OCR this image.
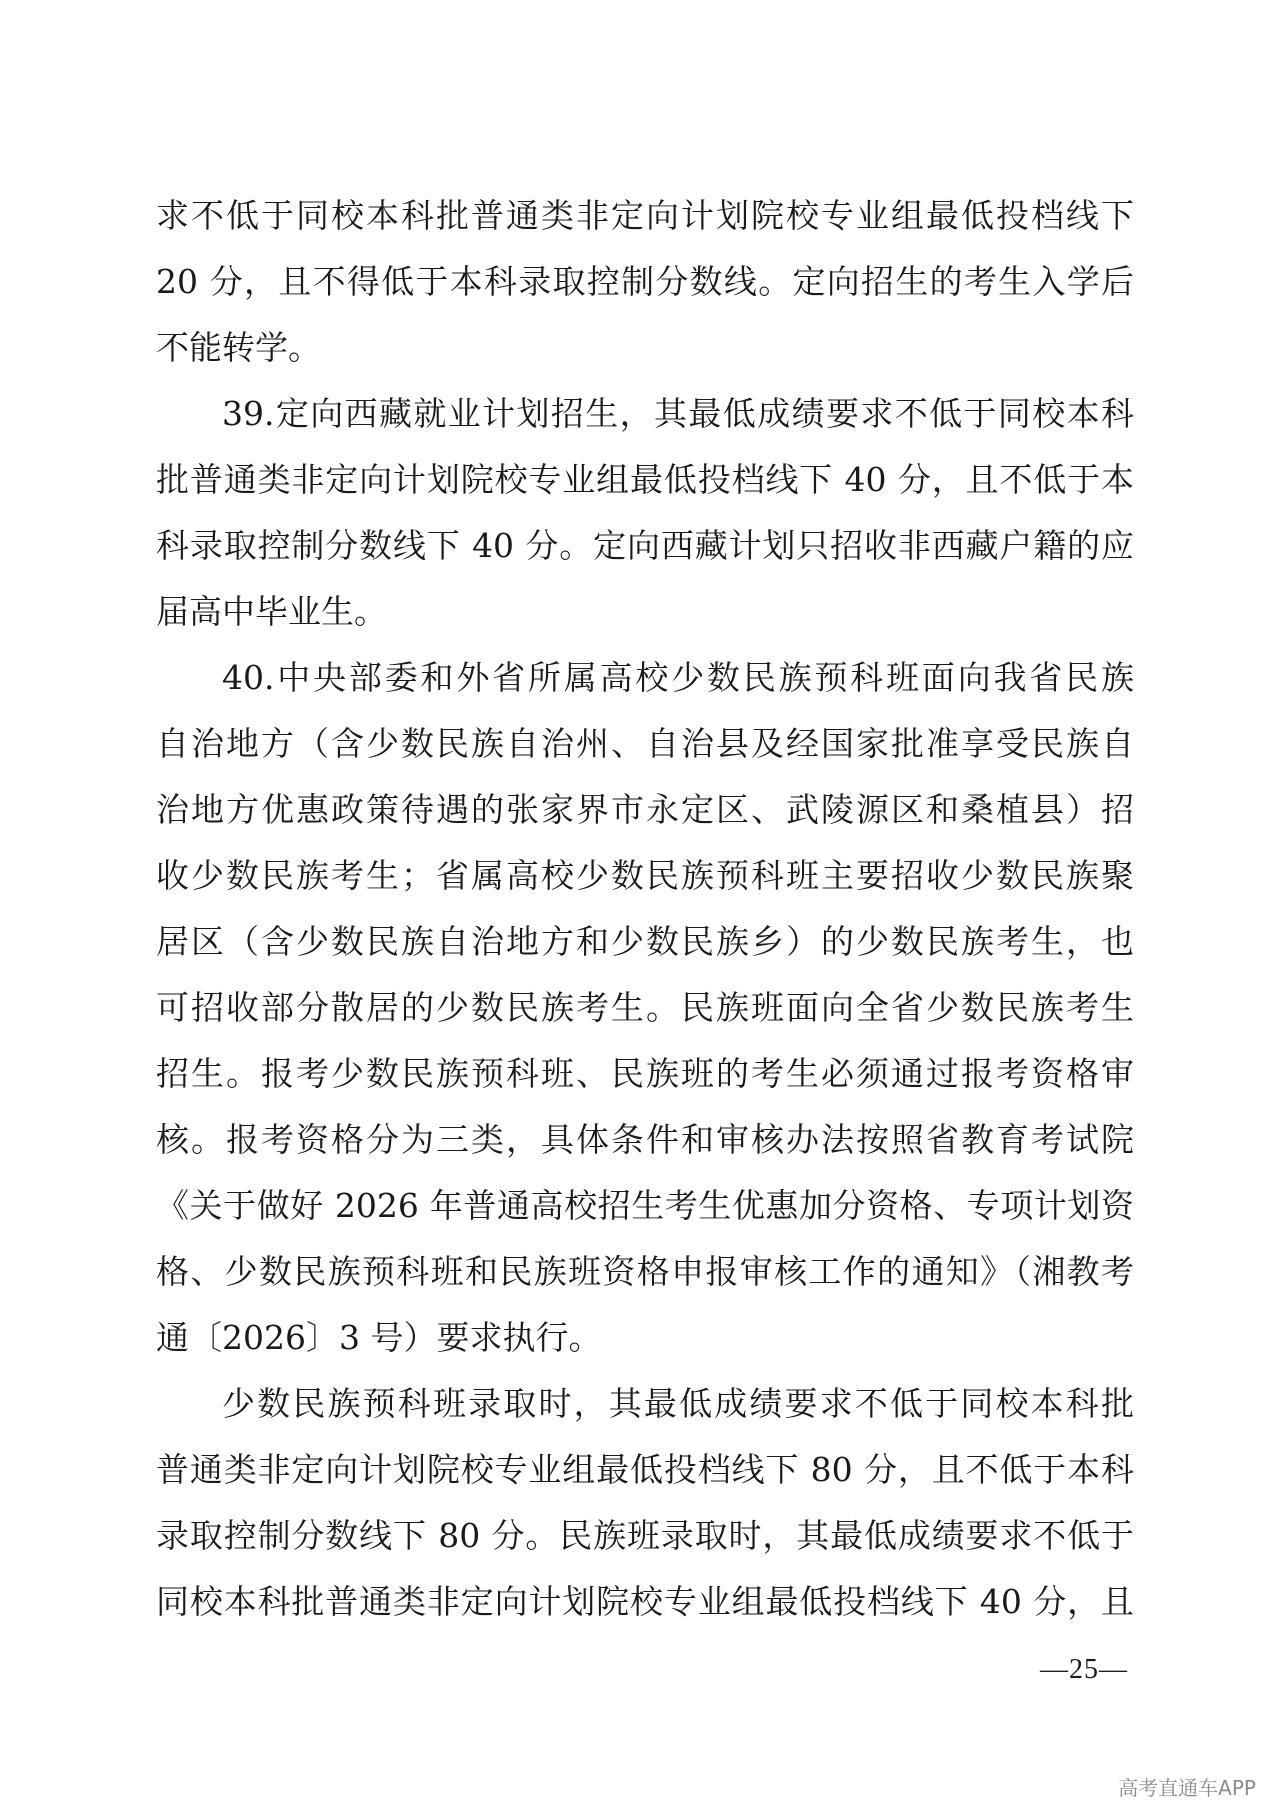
求不低于同校本科批普通类非定向计划院校专业组最低投档线下
20 分，且不得低于本科录取控制分数线。定向招生的考生入学后
不能转学。
39.定向西藏就业计划招生，其最低成绩要求不低于同校本科
批普通类非定向计划院校专业组最低投档线下 40 分，且不低于本
科录取控制分数线下 40 分。定向西藏计划只招收非西藏户籍的应
届高中毕业生。
40.中央部委和外省所属高校少数民族预科班面向我省民族
自治地方（含少数民族自治州、自治县及经国家批准享受民族自
治地方优惠政策待遇的张家界市永定区、武陵源区和桑植县）招
收少数民族考生；省属高校少数民族预科班主要招收少数民族聚
居区（含少数民族自治地方和少数民族乡）的少数民族考生，也
可招收部分散居的少数民族考生。民族班面向全省少数民族考生
招生。报考少数民族预科班、民族班的考生必须通过报考资格审
核。报考资格分为三类，具体条件和审核办法按照省教育考试院
《关于做好 2026 年普通高校招生考生优惠加分资格、专项计划资
格、少数民族预科班和民族班资格申报审核工作的通知》（湘教考
通〔2026〕3 号）要求执行。
少数民族预科班录取时，其最低成绩要求不低于同校本科批
普通类非定向计划院校专业组最低投档线下 80 分，且不低于本科
录取控制分数线下 80 分。民族班录取时，其最低成绩要求不低于
同校本科批普通类非定向计划院校专业组最低投档线下 40 分，且
—25—
高考直通车APP
